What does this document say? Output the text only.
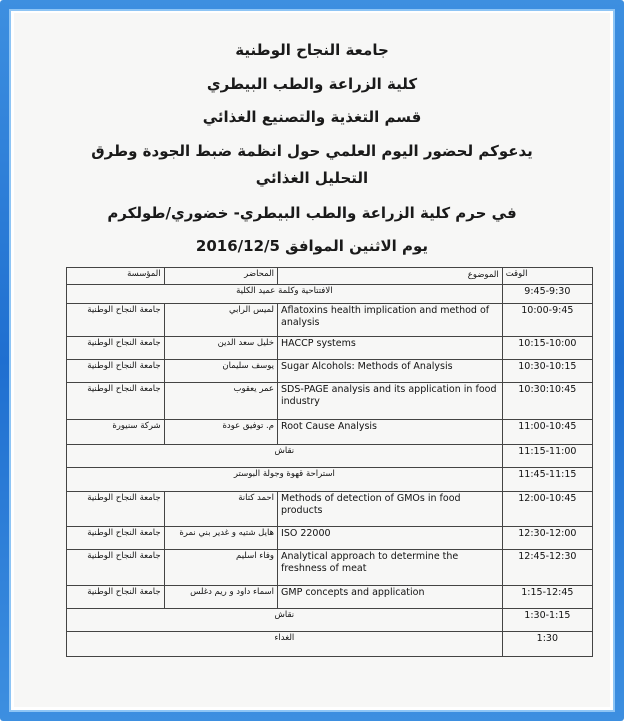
جامعة النجاح الوطنية
كلية الزراعة والطب البيطري
قسم التغذية والتصنيع الغذائي
يدعوكم لحضور اليوم العلمي حول انظمة ضبط الجودة وطرق
التحليل الغذائي
في حرم كلية الزراعة والطب البيطري- خضوري/طولكرم
يوم الاثنين الموافق 2016/12/5
المؤسسة	المحاضر	الموضوع	الوقت
الافتتاحية وكلمة عميد الكلية			9:45-9:30
جامعة النجاح الوطنية	لميس الرابي	Aflatoxins health implication and method of analysis	10:00-9:45
جامعة النجاح الوطنية	خليل سعد الدين	HACCP systems	10:15-10:00
جامعة النجاح الوطنية	يوسف سليمان	Sugar Alcohols: Methods of Analysis	10:30-10:15
جامعة النجاح الوطنية	عمر يعقوب	SDS-PAGE analysis and its application in food industry	10:30:10:45
شركة سنيورة	م. توفيق عودة	Root Cause Analysis	11:00-10:45
نقاش			11:15-11:00
استراحة قهوة وجولة البوستر			11:45-11:15
جامعة النجاح الوطنية	احمد كتانة	Methods of detection of GMOs in food products	12:00-10:45
جامعة النجاح الوطنية	هايل شتيه و غدير بني نمرة	ISO 22000	12:30-12:00
جامعة النجاح الوطنية	وفاء اسليم	Analytical approach to determine the freshness of meat	12:45-12:30
جامعة النجاح الوطنية	اسماء داود و ريم دغلس	GMP concepts and application	1:15-12:45
نقاش			1:30-1:15
الغداء			1:30
